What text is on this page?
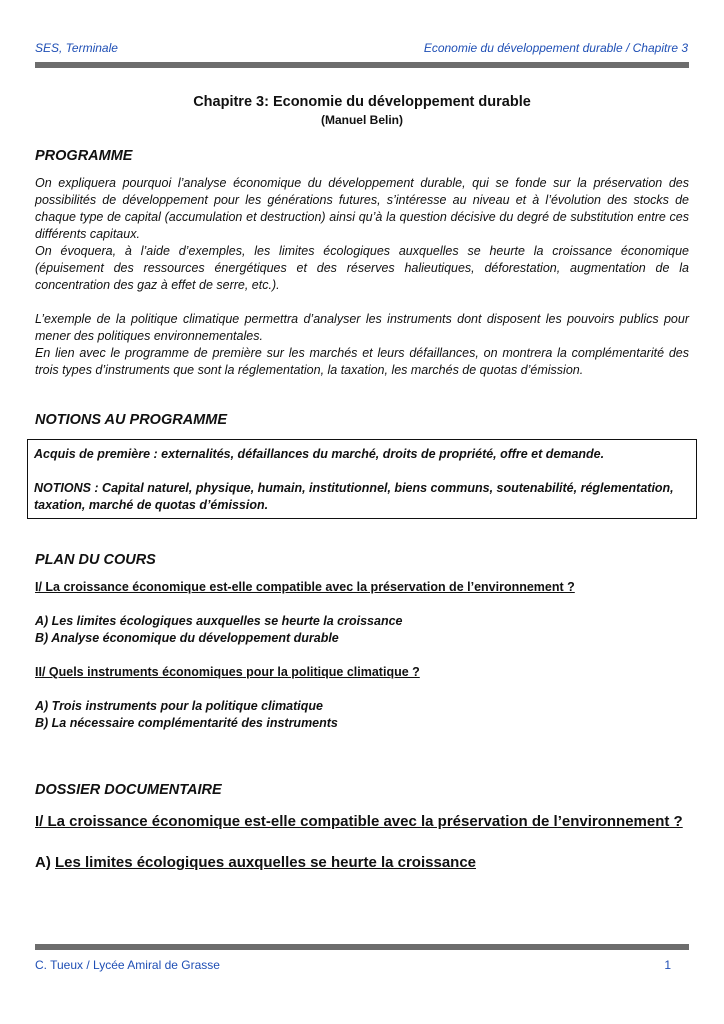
SES, Terminale	Economie du développement durable / Chapitre 3

Chapitre 3: Economie du développement durable

(Manuel Belin)

PROGRAMME

On expliquera pourquoi l’analyse économique du développement durable, qui se fonde sur la préservation des possibilités de développement pour les générations futures, s’intéresse au niveau et à l’évolution des stocks de chaque type de capital (accumulation et destruction) ainsi qu’à la question décisive du degré de substitution entre ces différents capitaux.

On évoquera, à l’aide d’exemples, les limites écologiques auxquelles se heurte la croissance économique (épuisement des ressources énergétiques et des réserves halieutiques, déforestation, augmentation de la concentration des gaz à effet de serre, etc.).

L’exemple de la politique climatique permettra d’analyser les instruments dont disposent les pouvoirs publics pour mener des politiques environnementales.

En lien avec le programme de première sur les marchés et leurs défaillances, on montrera la complémentarité des trois types d’instruments que sont la réglementation, la taxation, les marchés de quotas d’émission.

NOTIONS AU PROGRAMME

Acquis de première : externalités, défaillances du marché, droits de propriété, offre et demande.

NOTIONS : Capital naturel, physique, humain, institutionnel, biens communs, soutenabilité, réglementation, taxation, marché de quotas d’émission.

PLAN DU COURS

I/ La croissance économique est-elle compatible avec la préservation de l’environnement ?

A) Les limites écologiques auxquelles se heurte la croissance

B) Analyse économique du développement durable

II/ Quels instruments économiques pour la politique climatique ?

A) Trois instruments pour la politique climatique

B) La nécessaire complémentarité des instruments

DOSSIER DOCUMENTAIRE

I/ La croissance économique est-elle compatible avec la préservation de l’environnement ?

A) Les limites écologiques auxquelles se heurte la croissance

C. Tueux / Lycée Amiral de Grasse	1
